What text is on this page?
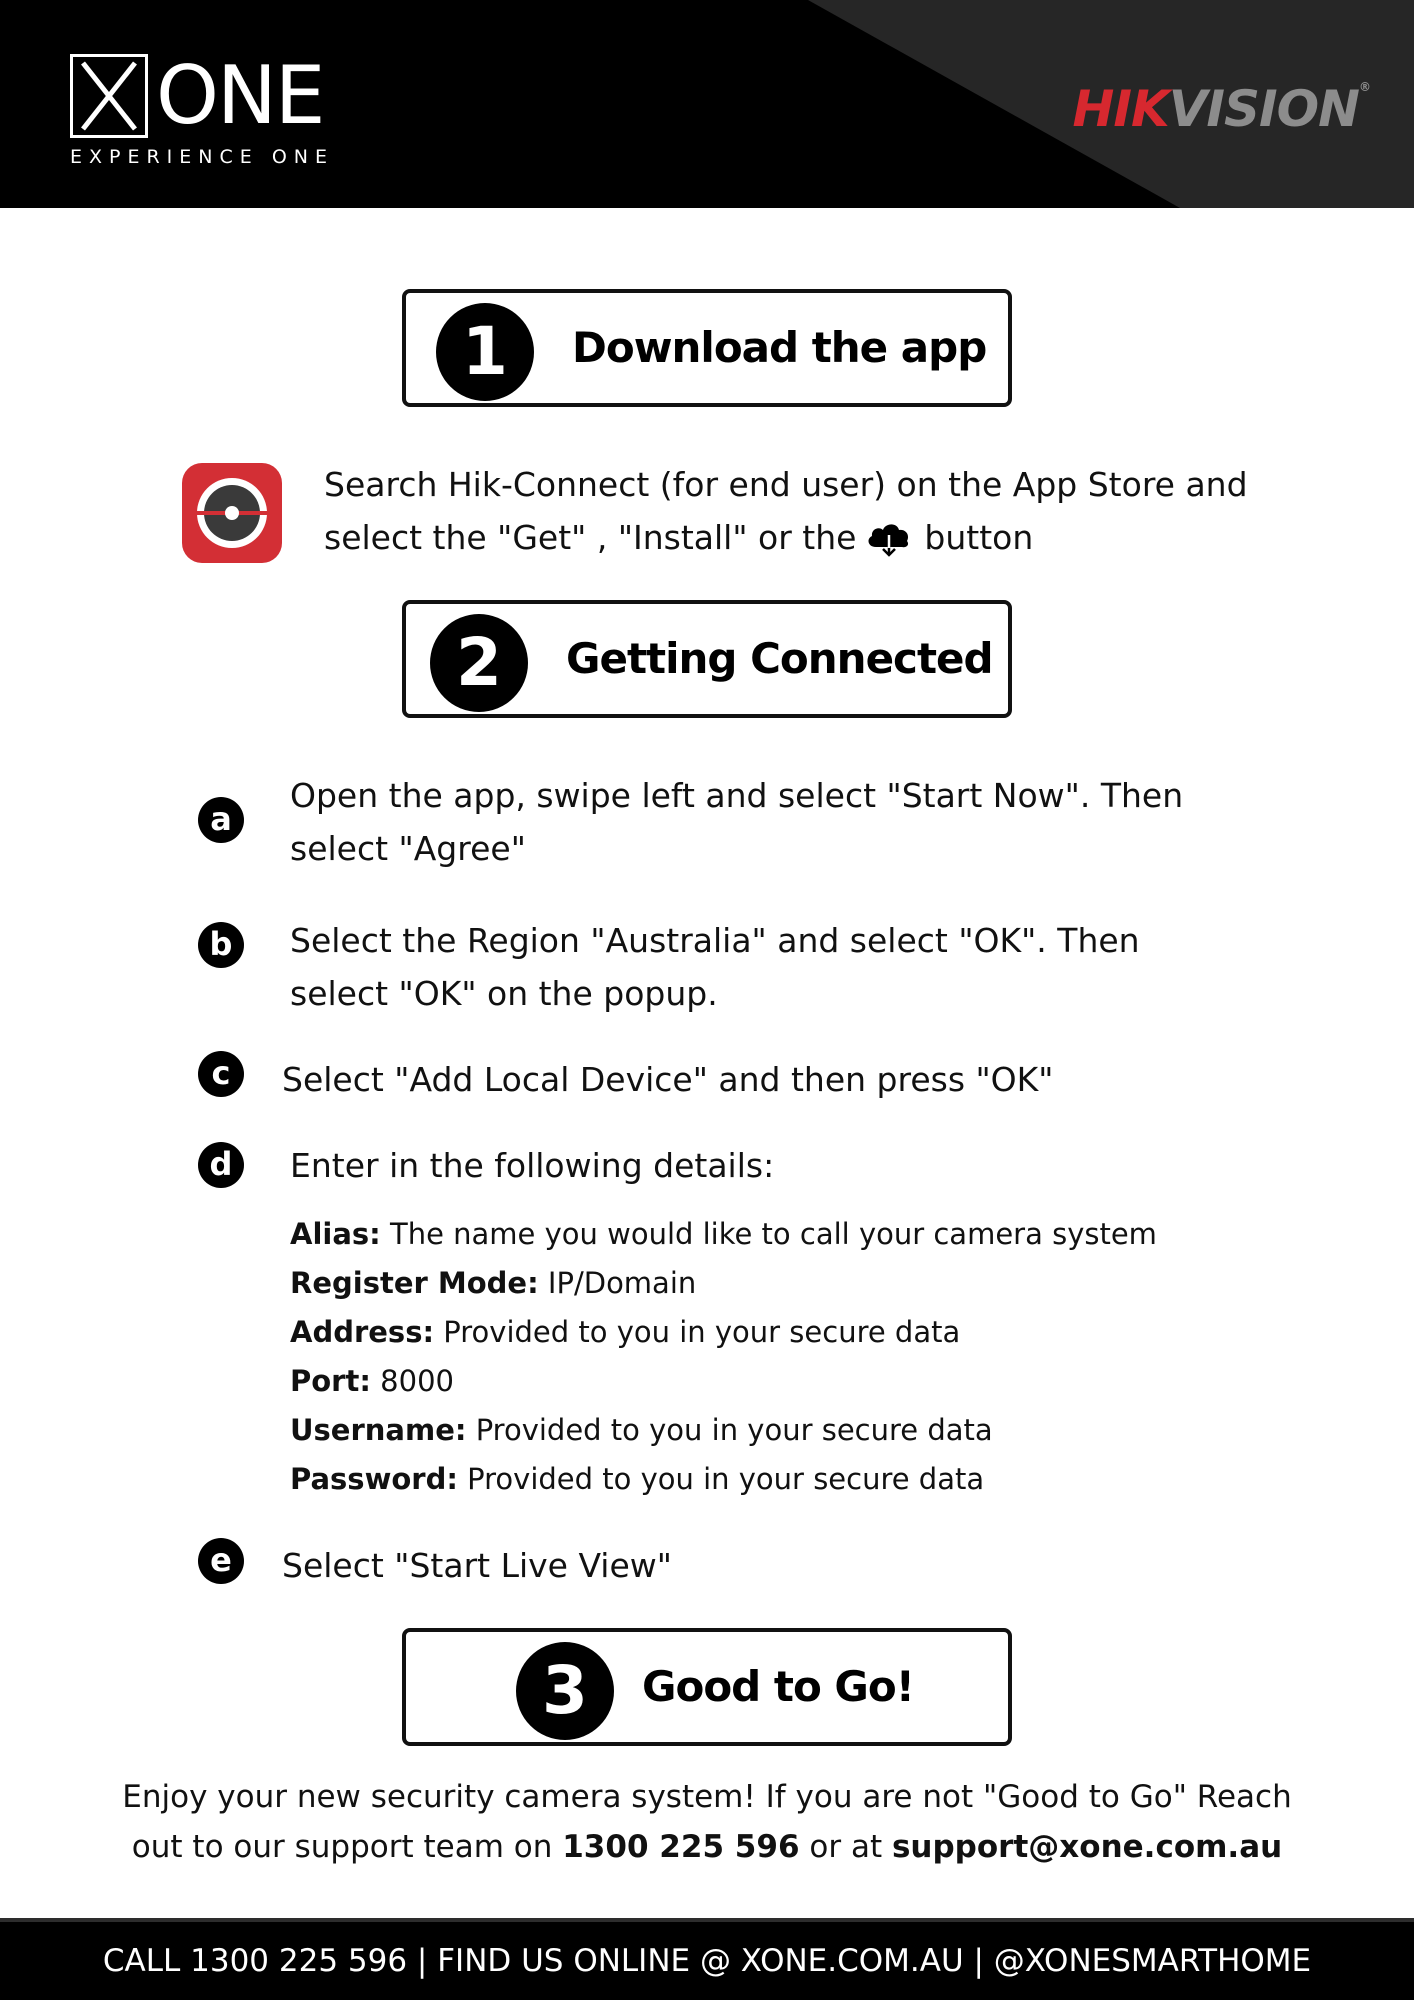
ONE
EXPERIENCE ONE
HIKVISION®
1	Download the app
Search Hik-Connect (for end user) on the App Store and
select the "Get" , "Install" or the button
2	Getting Connected
a
Open the app, swipe left and select "Start Now". Then
select "Agree"
b	Select the Region "Australia" and select "OK". Then
select "OK" on the popup.
c	Select "Add Local Device" and then press "OK"
d	Enter in the following details:
Alias: The name you would like to call your camera system
Register Mode: IP/Domain
Address: Provided to you in your secure data
Port: 8000
Username: Provided to you in your secure data
Password: Provided to you in your secure data
e	Select "Start Live View"
3	Good to Go!
Enjoy your new security camera system! If you are not "Good to Go" Reach
out to our support team on 1300 225 596 or at support@xone.com.au
CALL 1300 225 596 | FIND US ONLINE @ XONE.COM.AU | @XONESMARTHOME
